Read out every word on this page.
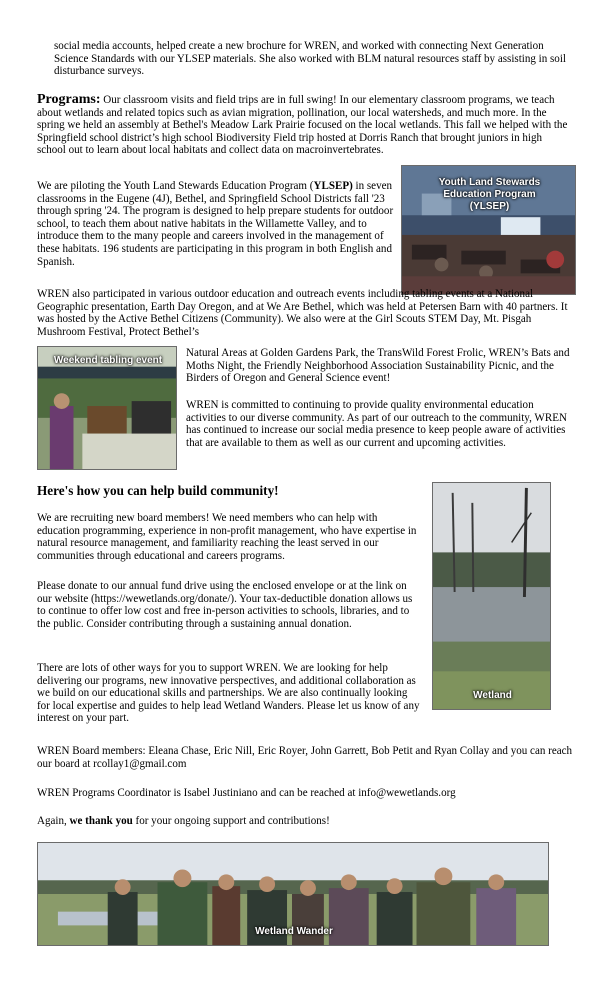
social media accounts, helped create a new brochure for WREN, and worked with connecting Next Generation Science Standards with our YLSEP materials. She also worked with BLM natural resources staff by assisting in soil disturbance surveys.

Programs: Our classroom visits and field trips are in full swing! In our elementary classroom programs, we teach about wetlands and related topics such as avian migration, pollination, our local watersheds, and much more. In the spring we held an assembly at Bethel's Meadow Lark Prairie focused on the local wetlands. This fall we helped with the Springfield school district’s high school Biodiversity Field trip hosted at Dorris Ranch that brought juniors in high school out to learn about local habitats and collect data on macroinvertebrates.

Youth Land Stewards
Education Program
(YLSEP)

We are piloting the Youth Land Stewards Education Program (YLSEP) in seven classrooms in the Eugene (4J), Bethel, and Springfield School Districts fall '23 through spring '24. The program is designed to help prepare students for outdoor school, to teach them about native habitats in the Willamette Valley, and to introduce them to the many people and careers involved in the management of these habitats. 196 students are participating in this program in both English and Spanish.

WREN also participated in various outdoor education and outreach events including tabling events at a National Geographic presentation, Earth Day Oregon, and at We Are Bethel, which was held at Petersen Barn with 40 partners. It was hosted by the Active Bethel Citizens (Community). We also were at the Girl Scouts STEM Day, Mt. Pisgah Mushroom Festival, Protect Bethel’s

Weekend tabling event

Natural Areas at Golden Gardens Park, the TransWild Forest Frolic, WREN’s Bats and Moths Night, the Friendly Neighborhood Association Sustainability Picnic, and the Birders of Oregon and General Science event!

WREN is committed to continuing to provide quality environmental education activities to our diverse community. As part of our outreach to the community, WREN has continued to increase our social media presence to keep people aware of activities that are available to them as well as our current and upcoming activities.

Here's how you can help build community!
Wetland

We are recruiting new board members! We need members who can help with education programming, experience in non-profit management, who have expertise in natural resource management, and familiarity reaching the least served in our communities through educational and careers programs.

Please donate to our annual fund drive using the enclosed envelope or at the link on our website (https://wewetlands.org/donate/). Your tax-deductible donation allows us to continue to offer low cost and free in-person activities to schools, libraries, and to the public. Consider contributing through a sustaining annual donation.

There are lots of other ways for you to support WREN. We are looking for help delivering our programs, new innovative perspectives, and additional collaboration as we build on our educational skills and partnerships. We are also continually looking for local expertise and guides to help lead Wetland Wanders. Please let us know of any interest on your part.

WREN Board members: Eleana Chase, Eric Nill, Eric Royer, John Garrett, Bob Petit and Ryan Collay and you can reach our board at rcollay1@gmail.com

WREN Programs Coordinator is Isabel Justiniano and can be reached at info@wewetlands.org

Again, we thank you for your ongoing support and contributions!

Wetland Wander
